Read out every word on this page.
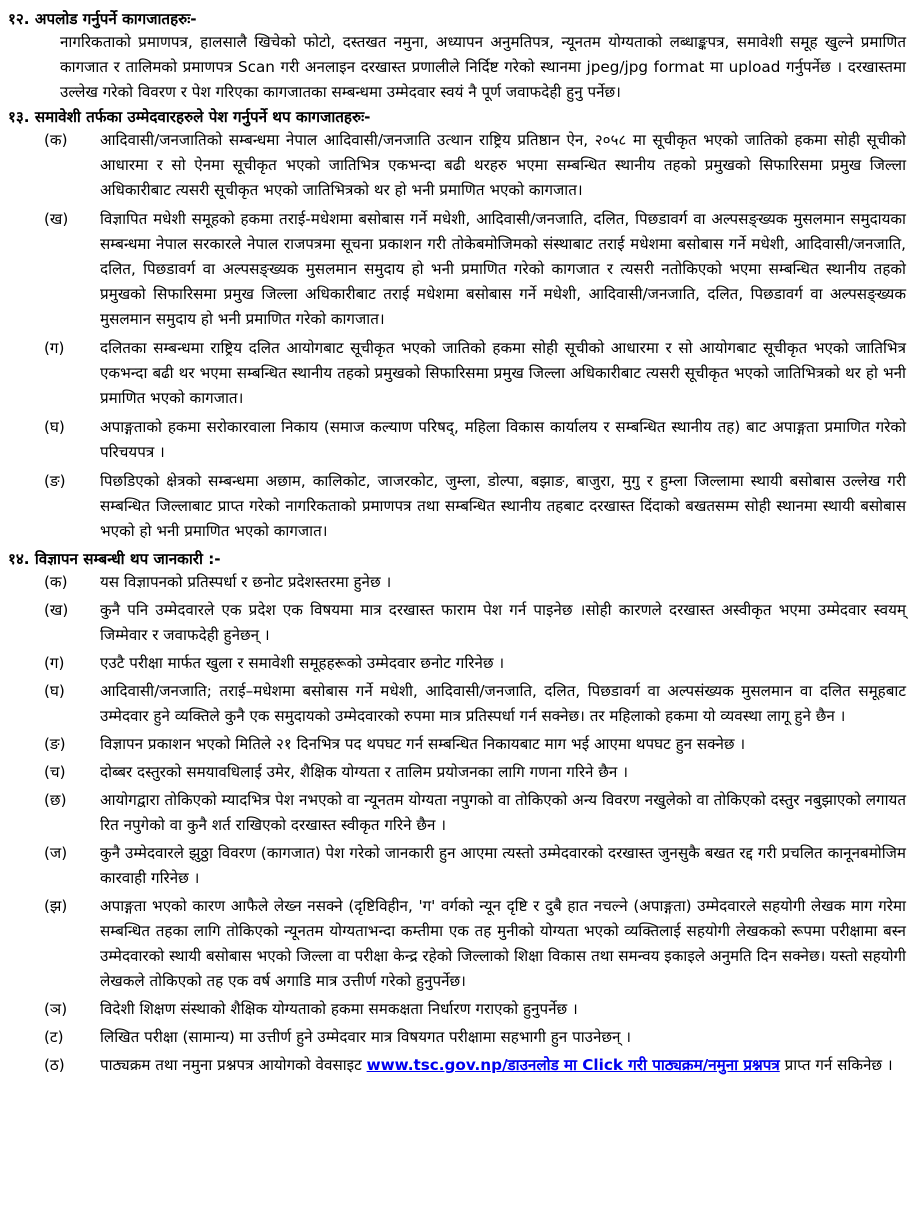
१२. अपलोड गर्नुपर्ने कागजातहरुः-

नागरिकताको प्रमाणपत्र, हालसालै खिचेको फोटो, दस्तखत नमुना, अध्यापन अनुमतिपत्र, न्यूनतम योग्यताको लब्धाङ्कपत्र, समावेशी समूह खुल्ने प्रमाणित कागजात र तालिमको प्रमाणपत्र Scan गरी अनलाइन दरखास्त प्रणालीले निर्दिष्ट गरेको स्थानमा jpeg/jpg format मा upload गर्नुपर्नेछ । दरखास्तमा उल्लेख गरेको विवरण र पेश गरिएका कागजातका सम्बन्धमा उम्मेदवार स्वयं नै पूर्ण जवाफदेही हुनु पर्नेछ।

१३. समावेशी तर्फका उम्मेदवारहरुले पेश गर्नुपर्ने थप कागजातहरुः-
(क)	आदिवासी/जनजातिको सम्बन्धमा नेपाल आदिवासी/जनजाति उत्थान राष्ट्रिय प्रतिष्ठान ऐन, २०५८ मा सूचीकृत भएको जातिको हकमा सोही सूचीको आधारमा र सो ऐनमा सूचीकृत भएको जातिभित्र एकभन्दा बढी थरहरु भएमा सम्बन्धित स्थानीय तहको प्रमुखको सिफारिसमा प्रमुख जिल्ला अधिकारीबाट त्यसरी सूचीकृत भएको जातिभित्रको थर हो भनी प्रमाणित भएको कागजात।
(ख)	विज्ञापित मधेशी समूहको हकमा तराई-मधेशमा बसोबास गर्ने मधेशी, आदिवासी/जनजाति, दलित, पिछडावर्ग वा अल्पसङ्ख्यक मुसलमान समुदायका सम्बन्धमा नेपाल सरकारले नेपाल राजपत्रमा सूचना प्रकाशन गरी तोकेबमोजिमको संस्थाबाट तराई मधेशमा बसोबास गर्ने मधेशी, आदिवासी/जनजाति, दलित, पिछडावर्ग वा अल्पसङ्ख्यक मुसलमान समुदाय हो भनी प्रमाणित गरेको कागजात र त्यसरी नतोकिएको भएमा सम्बन्धित स्थानीय तहको प्रमुखको सिफारिसमा प्रमुख जिल्ला अधिकारीबाट तराई मधेशमा बसोबास गर्ने मधेशी, आदिवासी/जनजाति, दलित, पिछडावर्ग वा अल्पसङ्ख्यक मुसलमान समुदाय हो भनी प्रमाणित गरेको कागजात।
(ग)	दलितका सम्बन्धमा राष्ट्रिय दलित आयोगबाट सूचीकृत भएको जातिको हकमा सोही सूचीको आधारमा र सो आयोगबाट सूचीकृत भएको जातिभित्र एकभन्दा बढी थर भएमा सम्बन्धित स्थानीय तहको प्रमुखको सिफारिसमा प्रमुख जिल्ला अधिकारीबाट त्यसरी सूचीकृत भएको जातिभित्रको थर हो भनी प्रमाणित भएको कागजात।
(घ)	अपाङ्गताको हकमा सरोकारवाला निकाय (समाज कल्याण परिषद्, महिला विकास कार्यालय र सम्बन्धित स्थानीय तह) बाट अपाङ्गता प्रमाणित गरेको परिचयपत्र ।
(ङ)	पिछडिएको क्षेत्रको सम्बन्धमा अछाम, कालिकोट, जाजरकोट, जुम्ला, डोल्पा, बझाङ, बाजुरा, मुगु र हुम्ला जिल्लामा स्थायी बसोबास उल्लेख गरी सम्बन्धित जिल्लाबाट प्राप्त गरेको नागरिकताको प्रमाणपत्र तथा सम्बन्धित स्थानीय तहबाट दरखास्त दिंदाको बखतसम्म सोही स्थानमा स्थायी बसोबास भएको हो भनी प्रमाणित भएको कागजात।
१४. विज्ञापन सम्बन्धी थप जानकारी :-
(क)	यस विज्ञापनको प्रतिस्पर्धा र छनोट प्रदेशस्तरमा हुनेछ ।
(ख)	कुनै पनि उम्मेदवारले एक प्रदेश एक विषयमा मात्र दरखास्त फाराम पेश गर्न पाइनेछ ।सोही कारणले दरखास्त अस्वीकृत भएमा उम्मेदवार स्वयम् जिम्मेवार र जवाफदेही हुनेछन् ।
(ग)	एउटै परीक्षा मार्फत खुला र समावेशी समूहहरूको उम्मेदवार छनोट गरिनेछ ।
(घ)	आदिवासी/जनजाति; तराई–मधेशमा बसोबास गर्ने मधेशी, आदिवासी/जनजाति, दलित, पिछडावर्ग वा अल्पसंख्यक मुसलमान वा दलित समूहबाट उम्मेदवार हुने व्यक्तिले कुनै एक समुदायको उम्मेदवारको रुपमा मात्र प्रतिस्पर्धा गर्न सक्नेछ। तर महिलाको हकमा यो व्यवस्था लागू हुने छैन ।
(ङ)	विज्ञापन प्रकाशन भएको मितिले २१ दिनभित्र पद थपघट गर्न सम्बन्धित निकायबाट माग भई आएमा थपघट हुन सक्नेछ ।
(च)	दोब्बर दस्तुरको समयावधिलाई उमेर, शैक्षिक योग्यता र तालिम प्रयोजनका लागि गणना गरिने छैन ।
(छ)	आयोगद्वारा तोकिएको म्यादभित्र पेश नभएको वा न्यूनतम योग्यता नपुगको वा तोकिएको अन्य विवरण नखुलेको वा तोकिएको दस्तुर नबुझाएको लगायत रित नपुगेको वा कुनै शर्त राखिएको दरखास्त स्वीकृत गरिने छैन ।
(ज)	कुनै उम्मेदवारले झुठ्ठा विवरण (कागजात) पेश गरेको जानकारी हुन आएमा त्यस्तो उम्मेदवारको दरखास्त जुनसुकै बखत रद्द गरी प्रचलित कानूनबमोजिम कारवाही गरिनेछ ।
(झ)	अपाङ्गता भएको कारण आफैले लेख्न नसक्ने (दृष्टिविहीन, 'ग' वर्गको न्यून दृष्टि र दुबै हात नचल्ने (अपाङ्गता) उम्मेदवारले सहयोगी लेखक माग गरेमा सम्बन्धित तहका लागि तोकिएको न्यूनतम योग्यताभन्दा कम्तीमा एक तह मुनीको योग्यता भएको व्यक्तिलाई सहयोगी लेखकको रूपमा परीक्षामा बस्न उम्मेदवारको स्थायी बसोबास भएको जिल्ला वा परीक्षा केन्द्र रहेको जिल्लाको शिक्षा विकास तथा समन्वय इकाइले अनुमति दिन सक्नेछ। यस्तो सहयोगी लेखकले तोकिएको तह एक वर्ष अगाडि मात्र उत्तीर्ण गरेको हुनुपर्नेछ।
(ञ)	विदेशी शिक्षण संस्थाको शैक्षिक योग्यताको हकमा समकक्षता निर्धारण गराएको हुनुपर्नेछ ।
(ट)	लिखित परीक्षा (सामान्य) मा उत्तीर्ण हुने उम्मेदवार मात्र विषयगत परीक्षामा सहभागी हुन पाउनेछन् ।
(ठ)	पाठ्यक्रम तथा नमुना प्रश्नपत्र आयोगको वेवसाइट www.tsc.gov.np/डाउनलोड मा Click गरी पाठ्यक्रम/नमुना प्रश्नपत्र प्राप्त गर्न सकिनेछ ।
